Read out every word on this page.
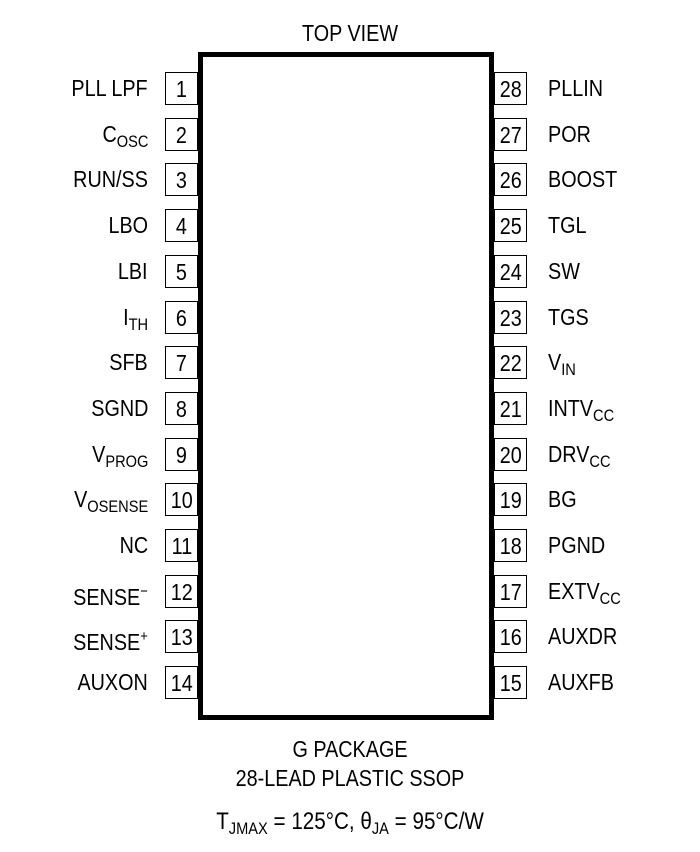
TOP VIEW
1
PLL LPF
2
$C_{OSC}$
3
RUN/SS
4
LBO
5
LBI
6
$I_{TH}$
7
SFB
8
SGND
9
$V_{PROG}$
10
$V_{OSENSE}$
11
NC
12
SENSE−
13
SENSE+
14
AUXON
28 PLLIN
27 POR
26 BOOST
25 TGL
24 SW
23 TGS
22 $V_{IN}$
21 $INTV_{CC}$
20 $DRV_{CC}$
19 BG
18 PGND
17 $EXTV_{CC}$
16 AUXDR
15 AUXFB
G PACKAGE
28-LEAD PLASTIC SSOP
$T_{JMAX} = 125^\circ C$, $\theta_{JA} = 95^\circ C/W$
